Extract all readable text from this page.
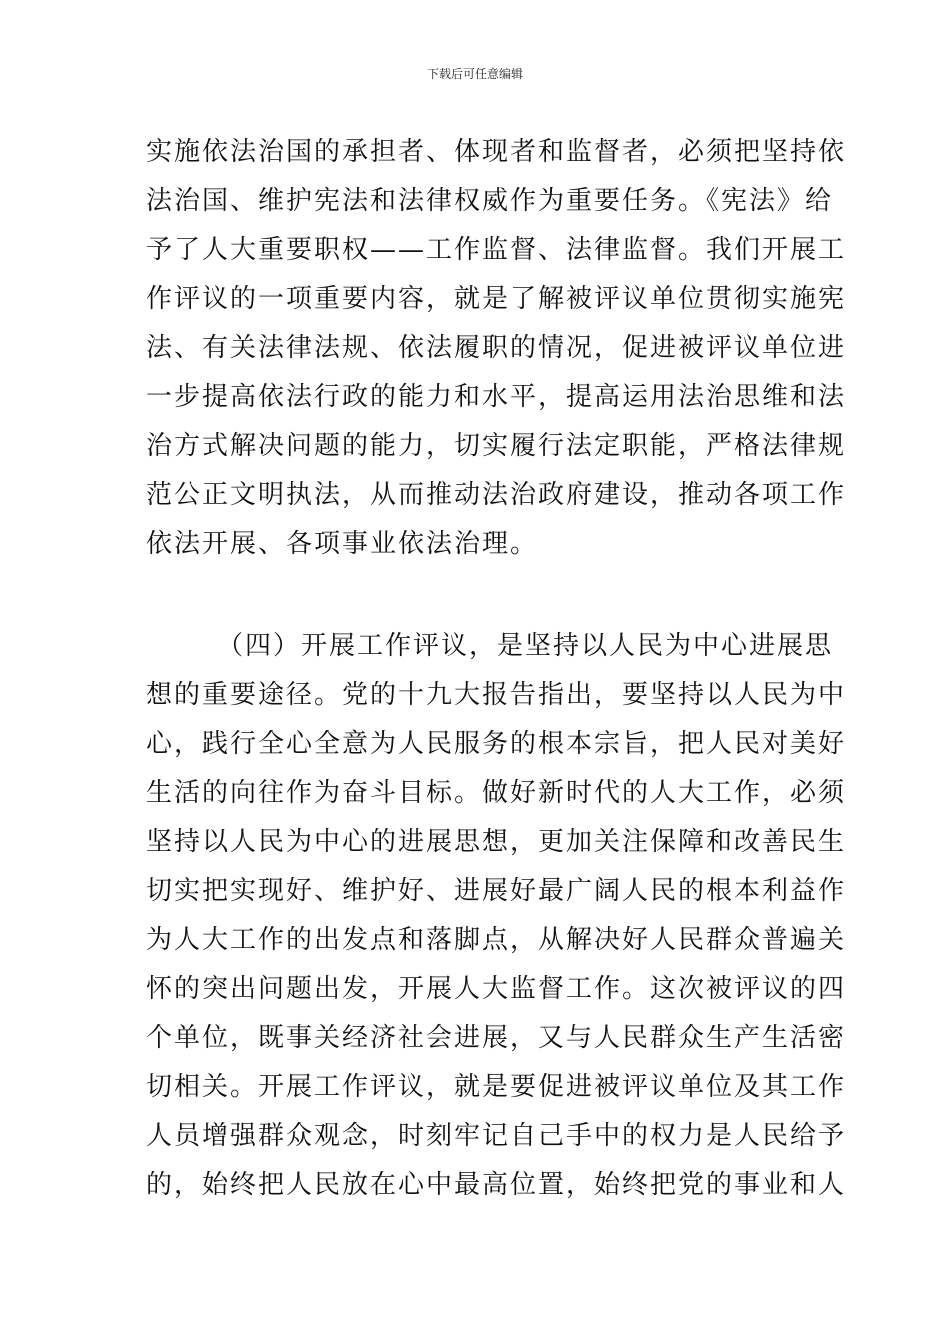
下载后可任意编辑

实施依法治国的承担者、体现者和监督者，必须把坚持依
法治国、维护宪法和法律权威作为重要任务。《宪法》给
予了人大重要职权——工作监督、法律监督。我们开展工
作评议的一项重要内容，就是了解被评议单位贯彻实施宪
法、有关法律法规、依法履职的情况，促进被评议单位进
一步提高依法行政的能力和水平，提高运用法治思维和法
治方式解决问题的能力，切实履行法定职能，严格法律规
范公正文明执法，从而推动法治政府建设，推动各项工作
依法开展、各项事业依法治理。

　　　（四）开展工作评议，是坚持以人民为中心进展思
想的重要途径。党的十九大报告指出，要坚持以人民为中
心，践行全心全意为人民服务的根本宗旨，把人民对美好
生活的向往作为奋斗目标。做好新时代的人大工作，必须
坚持以人民为中心的进展思想，更加关注保障和改善民生
切实把实现好、维护好、进展好最广阔人民的根本利益作
为人大工作的出发点和落脚点，从解决好人民群众普遍关
怀的突出问题出发，开展人大监督工作。这次被评议的四
个单位，既事关经济社会进展，又与人民群众生产生活密
切相关。开展工作评议，就是要促进被评议单位及其工作
人员增强群众观念，时刻牢记自己手中的权力是人民给予
的，始终把人民放在心中最高位置，始终把党的事业和人
